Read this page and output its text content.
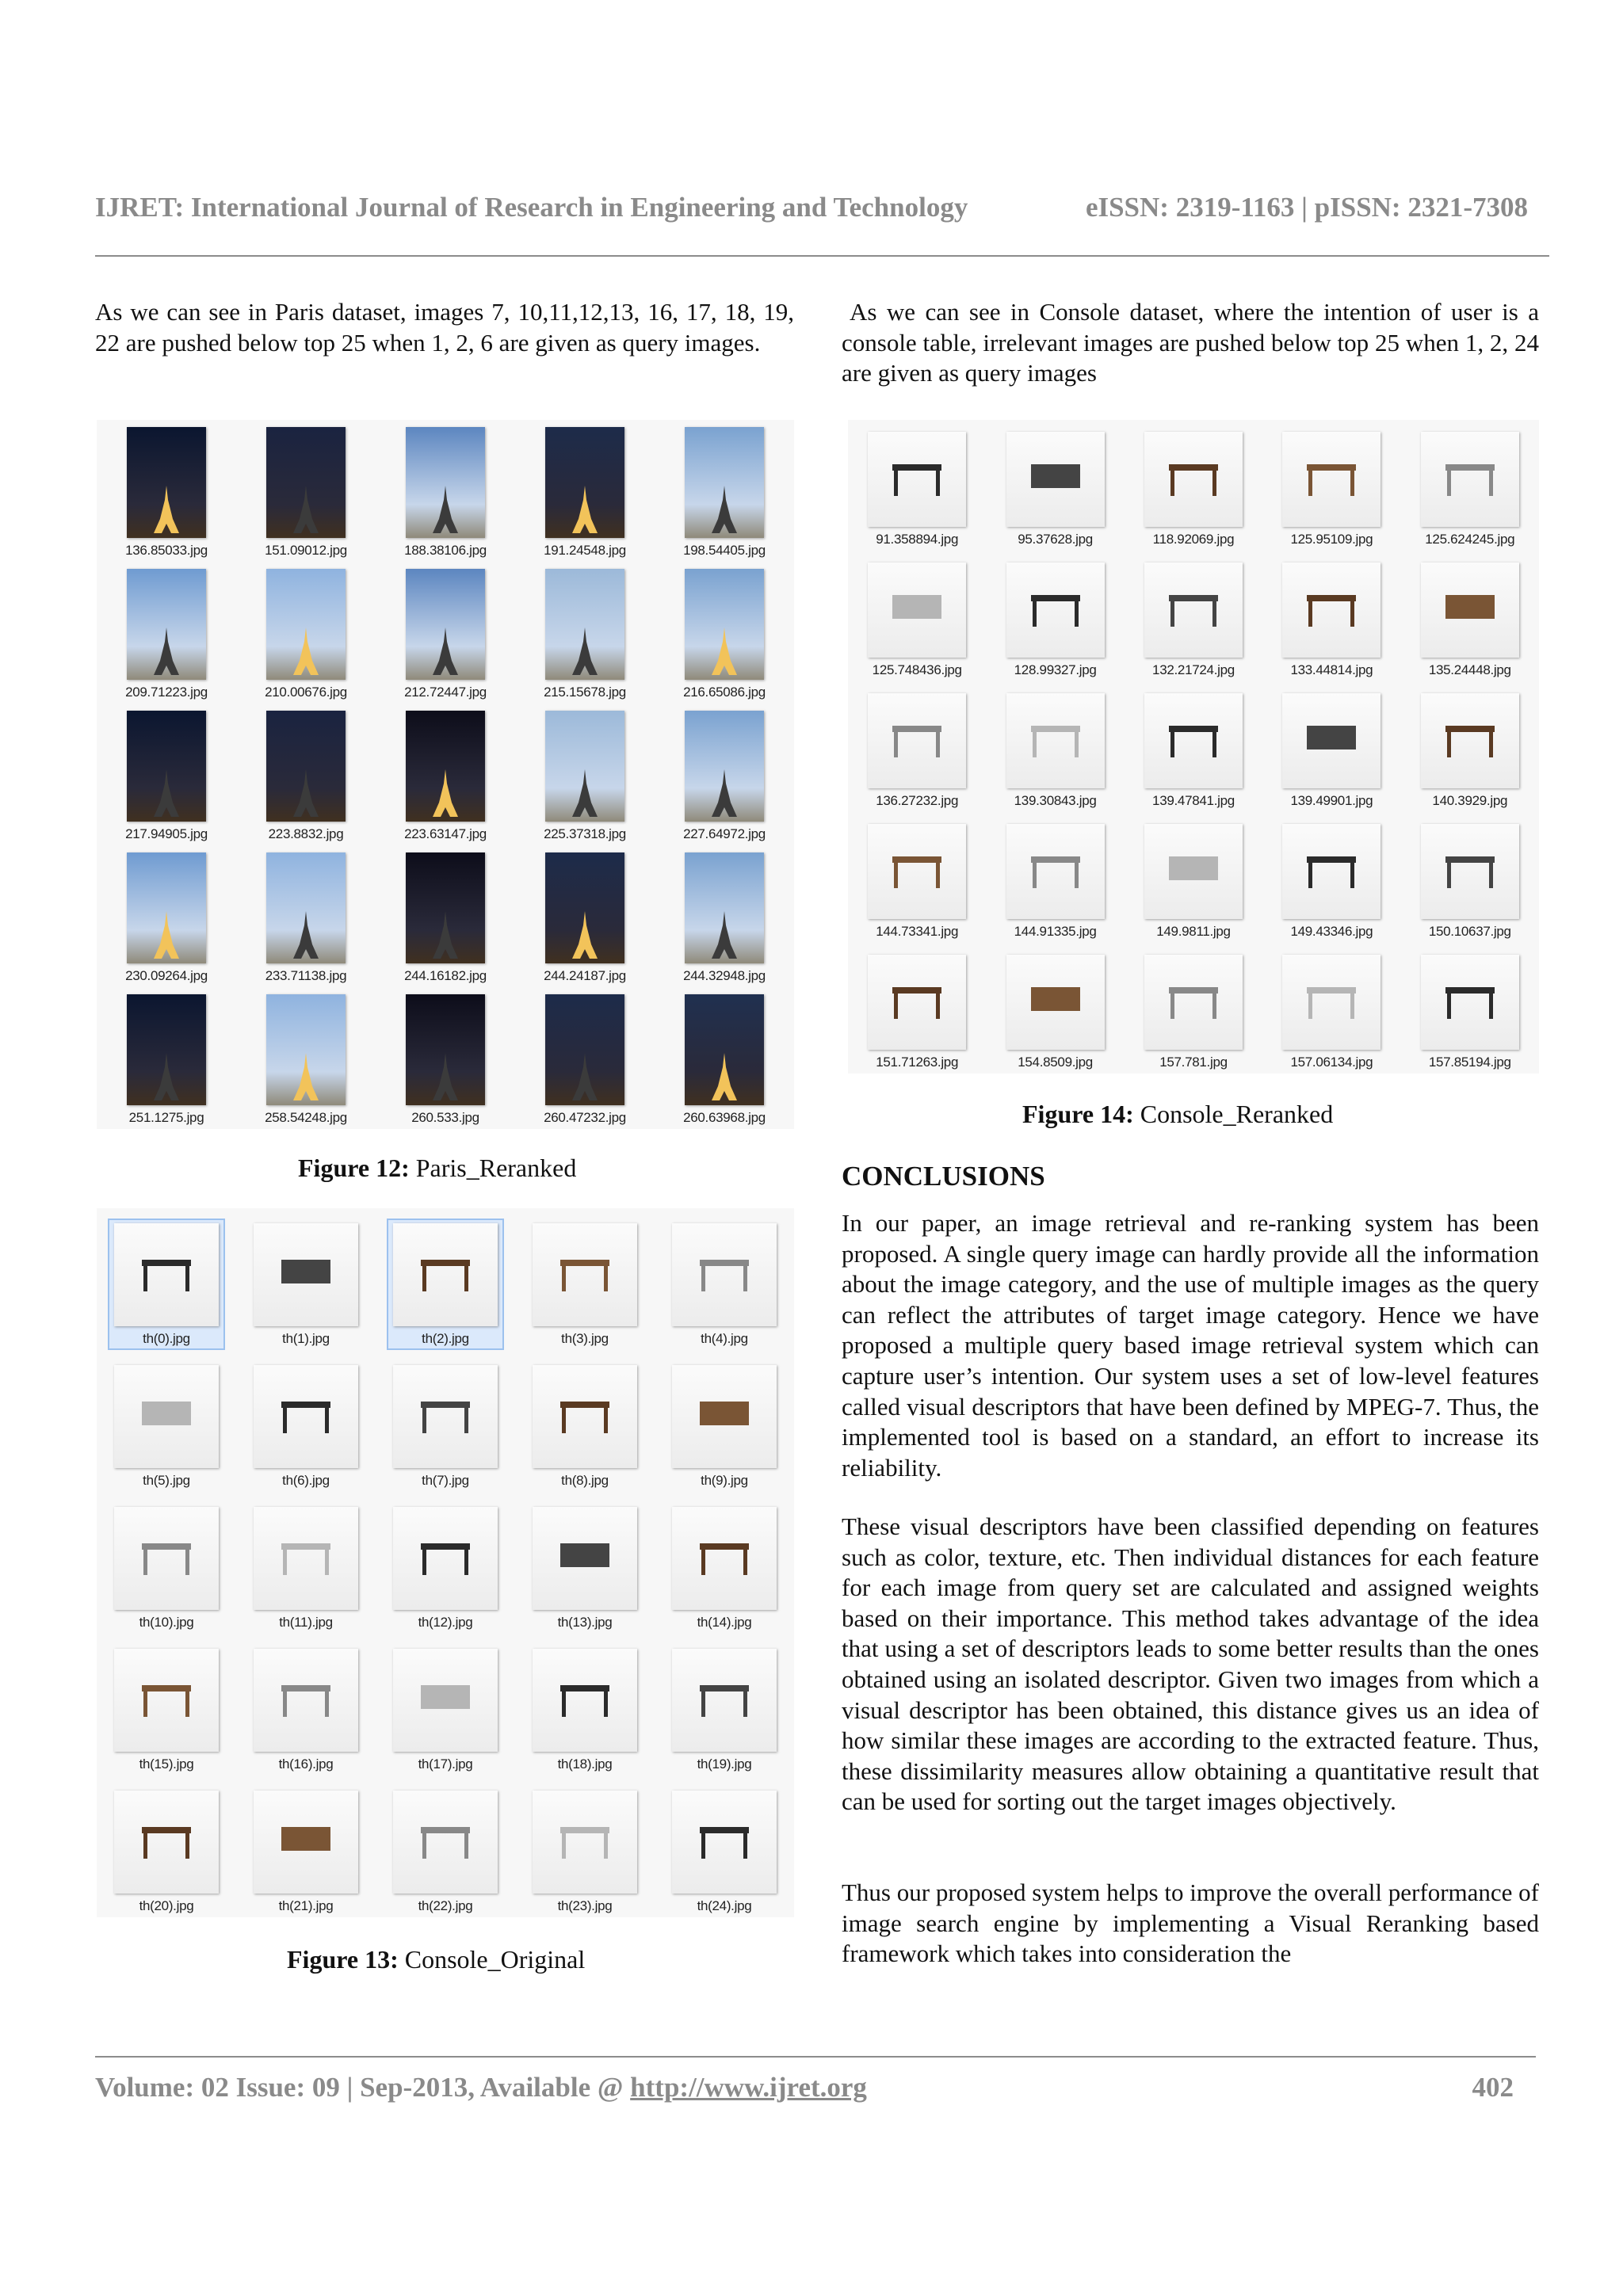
IJRET: International Journal of Research in Engineering and Technology	eISSN: 2319-1163 | pISSN: 2321-7308

As we can see in Paris dataset, images 7, 10,11,12,13, 16, 17, 18, 19, 22 are pushed below top 25 when 1, 2, 6 are given as query images.

As we can see in Console dataset, where the intention of user is a console table, irrelevant images are pushed below top 25 when 1, 2, 24 are given as query images

136.85033.jpg	151.09012.jpg	188.38106.jpg	191.24548.jpg	198.54405.jpg
209.71223.jpg	210.00676.jpg	212.72447.jpg	215.15678.jpg	216.65086.jpg
217.94905.jpg	223.8832.jpg	223.63147.jpg	225.37318.jpg	227.64972.jpg
230.09264.jpg	233.71138.jpg	244.16182.jpg	244.24187.jpg	244.32948.jpg
251.1275.jpg	258.54248.jpg	260.533.jpg	260.47232.jpg	260.63968.jpg
Figure 12: Paris_Reranked
th(0).jpg	th(1).jpg	th(2).jpg	th(3).jpg	th(4).jpg
th(5).jpg	th(6).jpg	th(7).jpg	th(8).jpg	th(9).jpg
th(10).jpg	th(11).jpg	th(12).jpg	th(13).jpg	th(14).jpg
th(15).jpg	th(16).jpg	th(17).jpg	th(18).jpg	th(19).jpg
th(20).jpg	th(21).jpg	th(22).jpg	th(23).jpg	th(24).jpg
Figure 13: Console_Original
91.358894.jpg	95.37628.jpg	118.92069.jpg	125.95109.jpg	125.624245.jpg
125.748436.jpg	128.99327.jpg	132.21724.jpg	133.44814.jpg	135.24448.jpg
136.27232.jpg	139.30843.jpg	139.47841.jpg	139.49901.jpg	140.3929.jpg
144.73341.jpg	144.91335.jpg	149.9811.jpg	149.43346.jpg	150.10637.jpg
151.71263.jpg	154.8509.jpg	157.781.jpg	157.06134.jpg	157.85194.jpg
Figure 14: Console_Reranked
CONCLUSIONS

In our paper, an image retrieval and re-ranking system has been proposed. A single query image can hardly provide all the information about the image category, and the use of multiple images as the query can reflect the attributes of target image category. Hence we have proposed a multiple query based image retrieval system which can capture user’s intention. Our system uses a set of low-level features called visual descriptors that have been defined by MPEG-7. Thus, the implemented tool is based on a standard, an effort to increase its reliability.

These visual descriptors have been classified depending on features such as color, texture, etc. Then individual distances for each feature for each image from query set are calculated and assigned weights based on their importance. This method takes advantage of the idea that using a set of descriptors leads to some better results than the ones obtained using an isolated descriptor. Given two images from which a visual descriptor has been obtained, this distance gives us an idea of how similar these images are according to the extracted feature. Thus, these dissimilarity measures allow obtaining a quantitative result that can be used for sorting out the target images objectively.

Thus our proposed system helps to improve the overall performance of image search engine by implementing a Visual Reranking based framework which takes into consideration the

Volume: 02 Issue: 09 | Sep-2013, Available @ http://www.ijret.org	402
